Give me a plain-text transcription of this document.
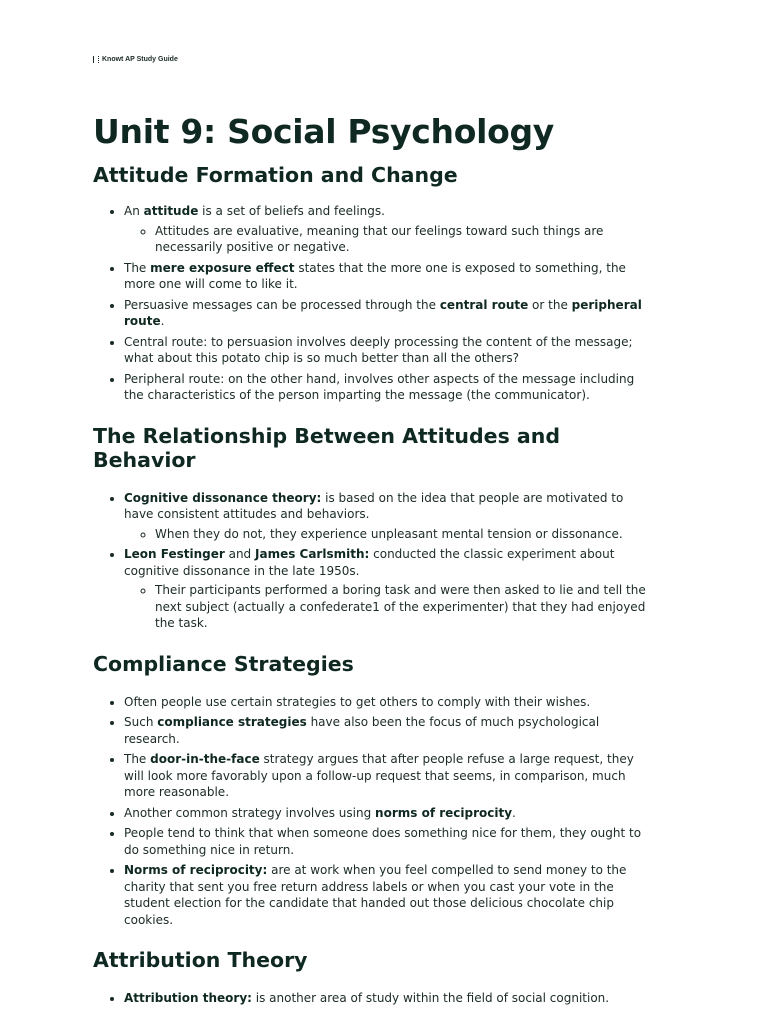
Knowt AP Study Guide
Unit 9: Social Psychology
Attitude Formation and Change
• An attitude is a set of beliefs and feelings.
◦ Attitudes are evaluative, meaning that our feelings toward such things are necessarily positive or negative.
• The mere exposure effect states that the more one is exposed to something, the more one will come to like it.
• Persuasive messages can be processed through the central route or the peripheral route.
• Central route: to persuasion involves deeply processing the content of the message; what about this potato chip is so much better than all the others?
• Peripheral route: on the other hand, involves other aspects of the message including the characteristics of the person imparting the message (the communicator).
The Relationship Between Attitudes and Behavior
• Cognitive dissonance theory: is based on the idea that people are motivated to have consistent attitudes and behaviors.
◦ When they do not, they experience unpleasant mental tension or dissonance.
• Leon Festinger and James Carlsmith: conducted the classic experiment about cognitive dissonance in the late 1950s.
◦ Their participants performed a boring task and were then asked to lie and tell the next subject (actually a confederate1 of the experimenter) that they had enjoyed the task.
Compliance Strategies
• Often people use certain strategies to get others to comply with their wishes.
• Such compliance strategies have also been the focus of much psychological research.
• The door-in-the-face strategy argues that after people refuse a large request, they will look more favorably upon a follow-up request that seems, in comparison, much more reasonable.
• Another common strategy involves using norms of reciprocity.
• People tend to think that when someone does something nice for them, they ought to do something nice in return.
• Norms of reciprocity: are at work when you feel compelled to send money to the charity that sent you free return address labels or when you cast your vote in the student election for the candidate that handed out those delicious chocolate chip cookies.
Attribution Theory
• Attribution theory: is another area of study within the field of social cognition.
